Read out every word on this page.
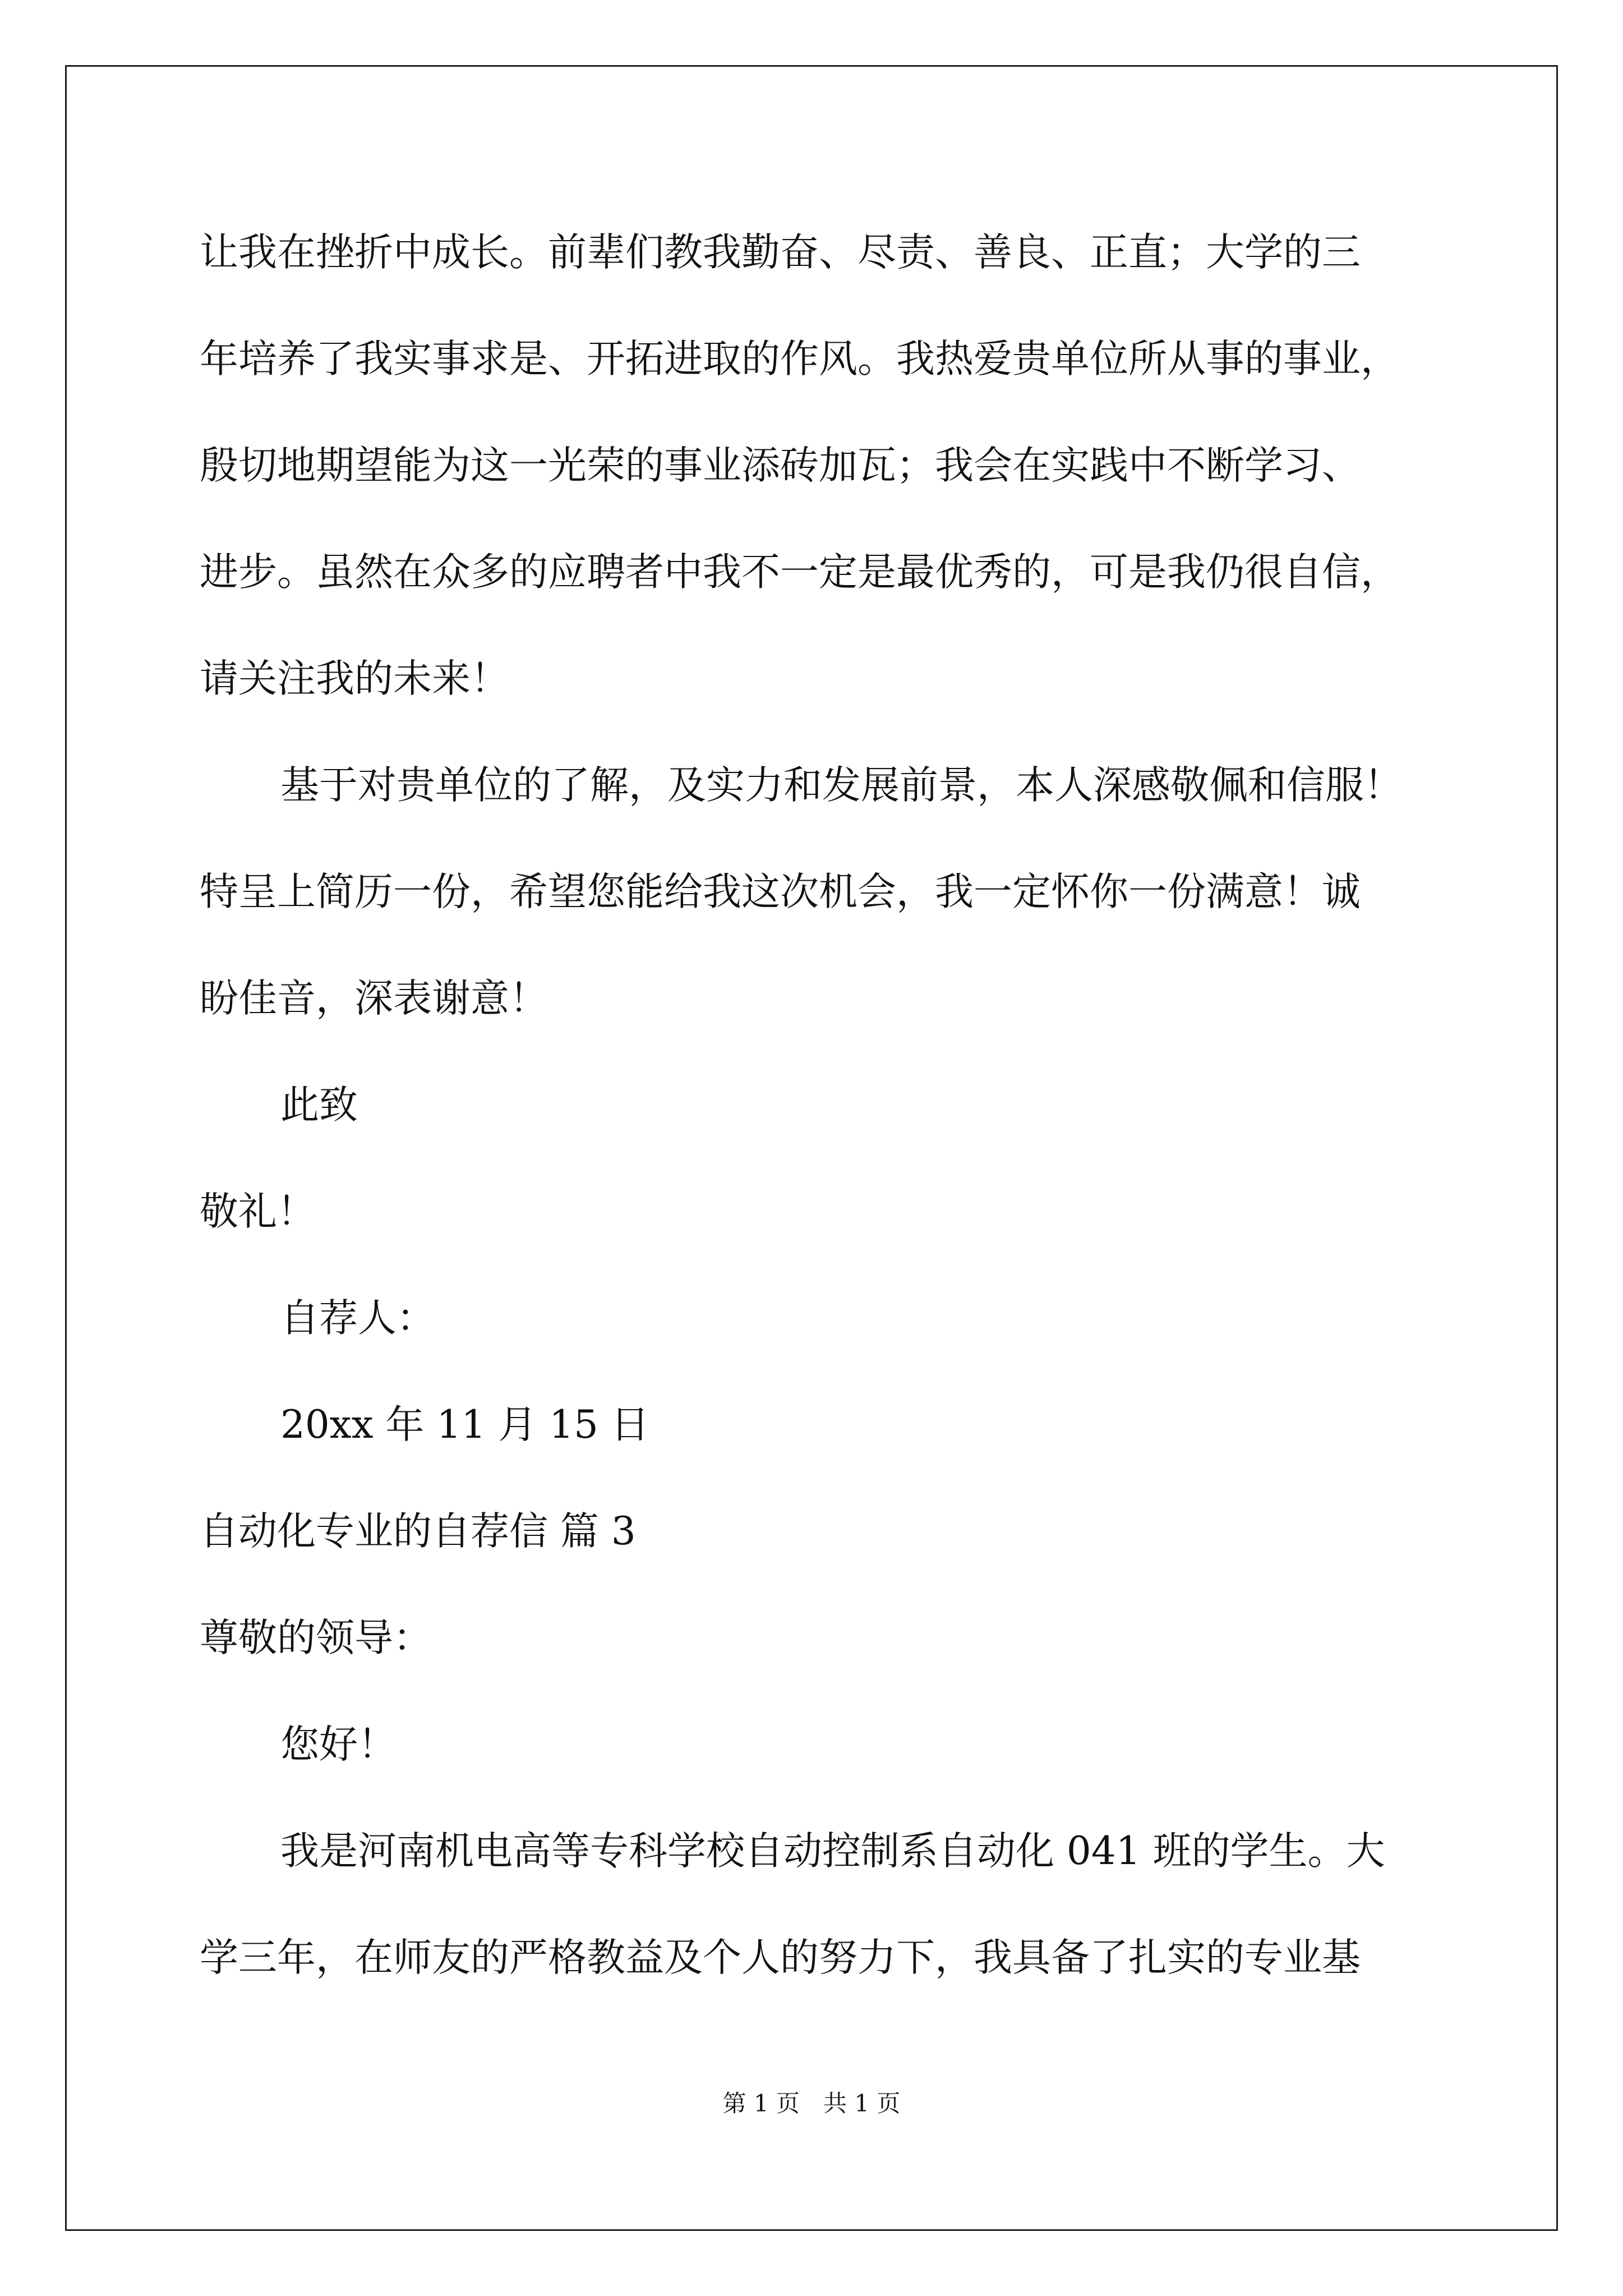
让我在挫折中成长。前辈们教我勤奋、尽责、善良、正直；大学的三
年培养了我实事求是、开拓进取的作风。我热爱贵单位所从事的事业，
殷切地期望能为这一光荣的事业添砖加瓦；我会在实践中不断学习、
进步。虽然在众多的应聘者中我不一定是最优秀的，可是我仍很自信，
请关注我的未来！
基于对贵单位的了解，及实力和发展前景，本人深感敬佩和信服！
特呈上简历一份，希望您能给我这次机会，我一定怀你一份满意！诚
盼佳音，深表谢意！
此致
敬礼！
自荐人：
20xx 年 11 月 15 日
自动化专业的自荐信 篇 3
尊敬的领导：
您好！
我是河南机电高等专科学校自动控制系自动化 041 班的学生。大
学三年，在师友的严格教益及个人的努力下，我具备了扎实的专业基
第 1 页　共 1 页
